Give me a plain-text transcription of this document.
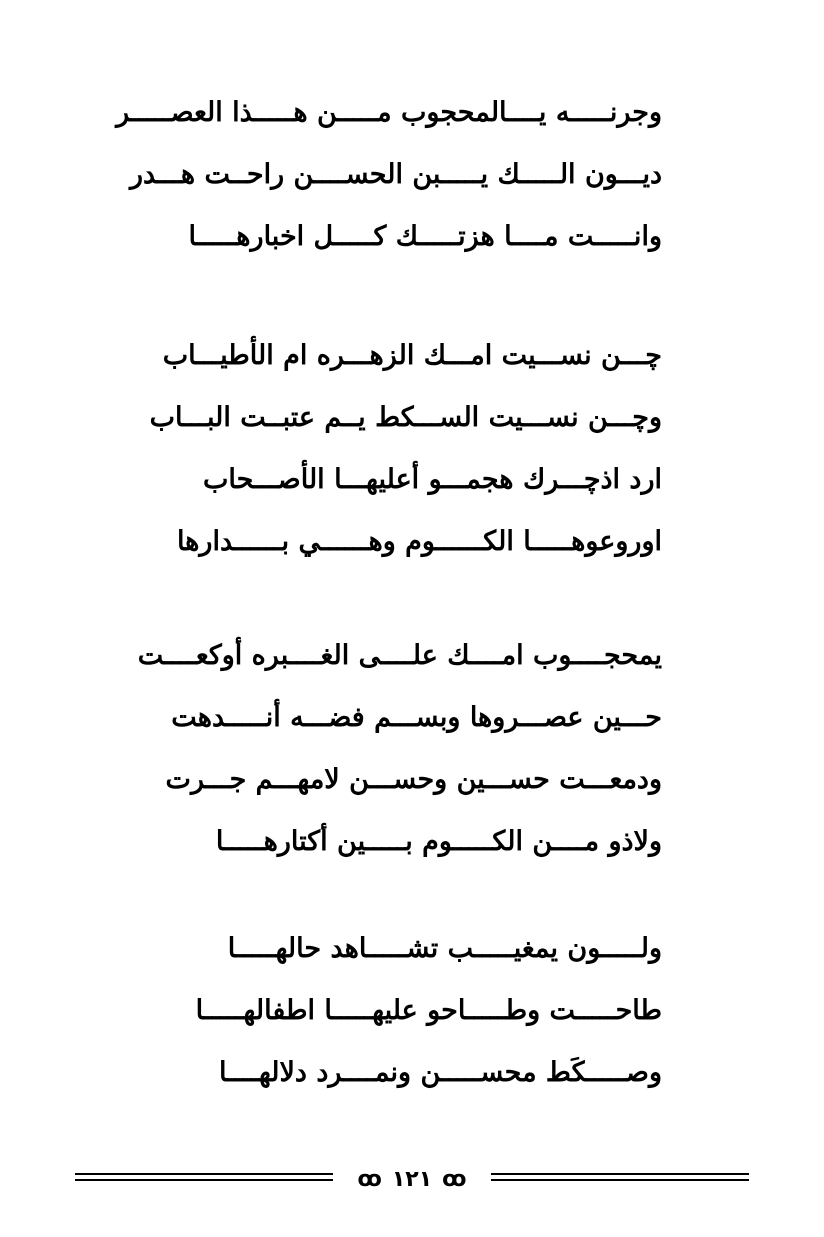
وجرنـــــه يــــالمحجوب مـــــن هـــــذا العصـــــر
ديـــون الـــــك يـــــبن الحســــن راحــت هـــدر
وانـــــت مــــا هزتـــــك كـــــل اخبارهـــــا
چـــن نســـيت امـــك الزهـــره ام الأطيـــاب
وچـــن نســـيت الســـكط يــم عتبــت البـــاب
ارد اذچـــرك هجمـــو أعليهـــا الأصـــحاب
اوروعوهـــــا الكــــــوم وهــــــي بــــــدارها
يمحجــــوب امــــك علــــى الغــــبره أوكعــــت
حـــين عصـــروها وبســـم فضـــه أنـــــدهت
ودمعـــت حســـين وحســـن لامهـــم جـــرت
ولاذو مــــن الكـــــوم بـــــين أكتارهـــــا
ولـــــون يمغيـــــب تشـــــاهد حالهـــــا
طاحـــــت وطـــــاحو عليهـــــا اطفالهـــــا
وصـــــكَط محســـــن ونمــــرد دلالهــــا
ꝏ ١٢١ ꝏ
